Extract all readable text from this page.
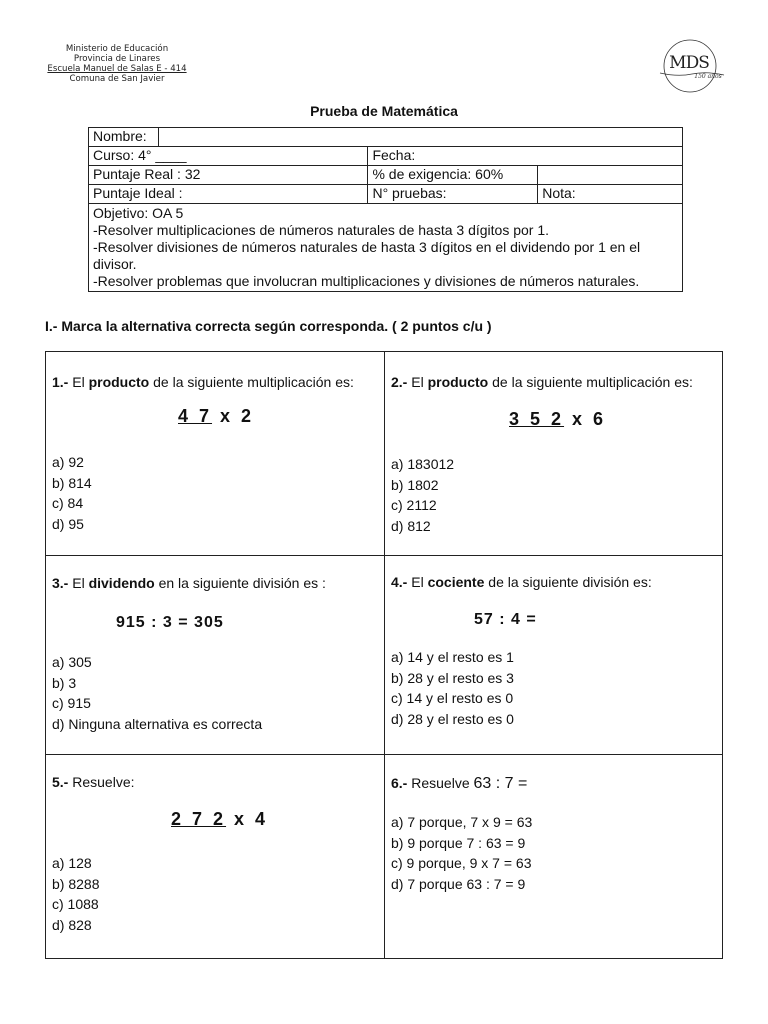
Ministerio de Educación
Provincia de Linares
Escuela Manuel de Salas E - 414
Comuna de San Javier
MDS
150 años
Prueba de Matemática
Nombre:			
Curso: 4° ____		Fecha:	
Puntaje Real : 32		% de exigencia: 60%	
Puntaje Ideal :		N° pruebas:	Nota:

Objetivo: OA 5
-Resolver multiplicaciones de números naturales de hasta 3 dígitos por 1.
-Resolver divisiones de números naturales de hasta 3 dígitos en el dividendo por 1 en el divisor.
-Resolver problemas que involucran multiplicaciones y divisiones de números naturales.			
I.- Marca la alternativa correcta según corresponda. ( 2 puntos c/u )
1.- El producto de la siguiente multiplicación es:
4 7 x 2
a) 92
b) 814
c) 84
d) 95
2.- El producto de la siguiente multiplicación es:
3 5 2 x 6
a) 183012
b) 1802
c) 2112
d) 812
3.- El dividendo en la siguiente división es :
915 : 3 = 305
a) 305
b) 3
c) 915
d) Ninguna alternativa es correcta
4.- El cociente de la siguiente división es:
57 : 4 =
a) 14 y el resto es 1
b) 28 y el resto es 3
c) 14 y el resto es 0
d) 28 y el resto es 0
5.- Resuelve:
2 7 2 x 4
a) 128
b) 8288
c) 1088
d) 828
6.- Resuelve 63 : 7 =
a) 7 porque, 7 x 9 = 63
b) 9 porque 7 : 63 = 9
c) 9 porque, 9 x 7 = 63
d) 7 porque 63 : 7 = 9
